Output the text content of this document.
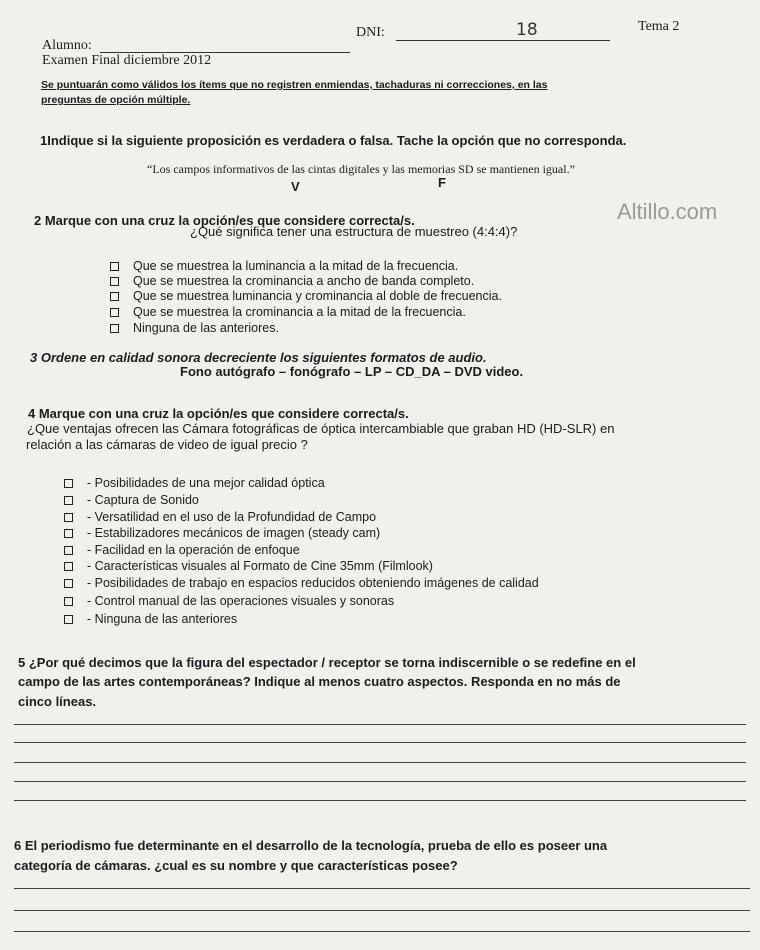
Alumno:
Examen Final diciembre 2012
DNI:	18	Tema 2
Se puntuarán como válidos los ítems que no registren enmiendas, tachaduras ni correcciones, en las
preguntas de opción múltiple.
1Indique si la siguiente proposición es verdadera o falsa. Tache la opción que no corresponda.
“Los campos informativos de las cintas digitales y las memorias SD se mantienen igual.”
V	F
Altillo.com
2 Marque con una cruz la opción/es que considere correcta/s.
¿Qué significa tener una estructura de muestreo (4:4:4)?
Que se muestrea la luminancia a la mitad de la frecuencia.
Que se muestrea la crominancia a ancho de banda completo.
Que se muestrea luminancia y crominancia al doble de frecuencia.
Que se muestrea la crominancia a la mitad de la frecuencia.
Ninguna de las anteriores.
3 Ordene en calidad sonora decreciente los siguientes formatos de audio.
Fono autógrafo – fonógrafo – LP – CD_DA – DVD video.
4 Marque con una cruz la opción/es que considere correcta/s.
¿Que ventajas ofrecen las Cámara fotográficas de óptica intercambiable que graban HD (HD-SLR) en
relación a las cámaras de video de igual precio ?
- Posibilidades de una mejor calidad óptica
- Captura de Sonido
- Versatilidad en el uso de la Profundidad de Campo
- Estabilizadores mecánicos de imagen (steady cam)
- Facilidad en la operación de enfoque
- Características visuales al Formato de Cine 35mm (Filmlook)
- Posibilidades de trabajo en espacios reducidos obteniendo imágenes de calidad
- Control manual de las operaciones visuales y sonoras
- Ninguna de las anteriores
5 ¿Por qué decimos que la figura del espectador / receptor se torna indiscernible o se redefine en el
campo de las artes contemporáneas? Indique al menos cuatro aspectos. Responda en no más de
cinco líneas.
6 El periodismo fue determinante en el desarrollo de la tecnología, prueba de ello es poseer una
categoría de cámaras. ¿cual es su nombre y que características posee?
